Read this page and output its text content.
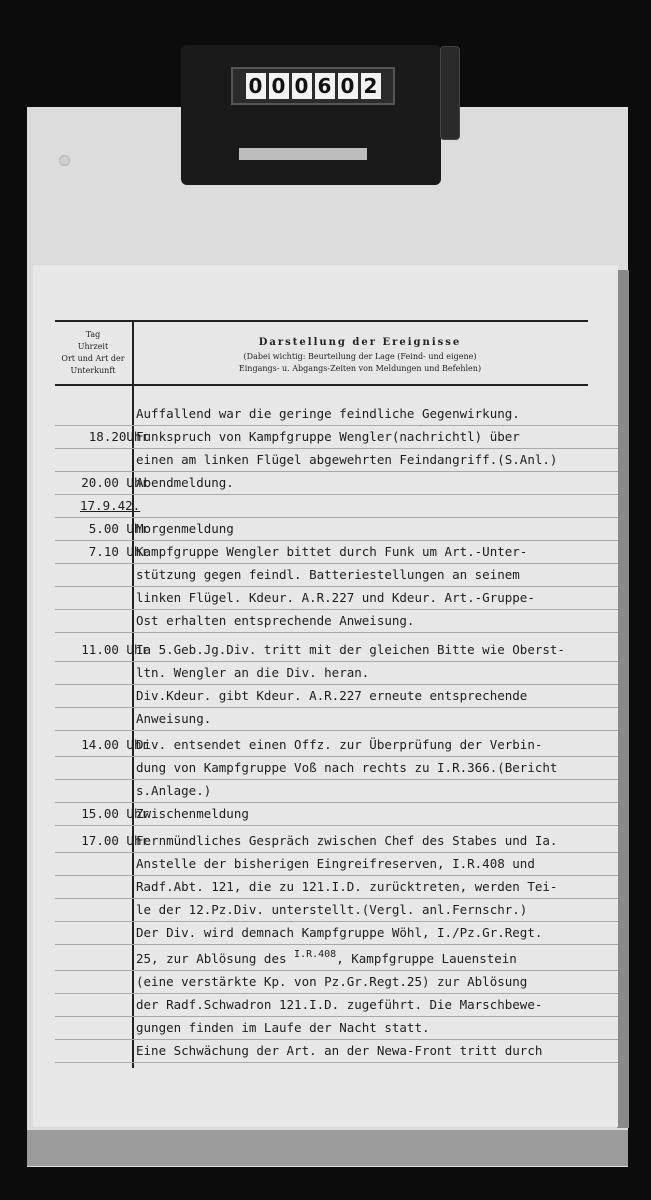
0 0 0 6 0 2
Tag
Uhrzeit
Ort und Art der Unterkunft
Darstellung der Ereignisse
(Dabei wichtig: Beurteilung der Lage (Feind- und eigene)
Eingangs- u. Abgangs-Zeiten von Meldungen und Befehlen)
Auffallend war die geringe feindliche Gegenwirkung.
18.20Uhr
Funkspruch von Kampfgruppe Wengler(nachrichtl) über
einen am linken Flügel abgewehrten Feindangriff.(S.Anl.)
20.00 Uhr
Abendmeldung.
17.9.42.
5.00 Uhr
Morgenmeldung
7.10 Uhr
Kampfgruppe Wengler bittet durch Funk um Art.-Unter-
stützung gegen feindl. Batteriestellungen an seinem
linken Flügel. Kdeur. A.R.227 und Kdeur. Art.-Gruppe-
Ost erhalten entsprechende Anweisung.
11.00 Uhr
Ia 5.Geb.Jg.Div. tritt mit der gleichen Bitte wie Oberst-
ltn. Wengler an die Div. heran.
Div.Kdeur. gibt Kdeur. A.R.227 erneute entsprechende
Anweisung.
14.00 Uhr
Div. entsendet einen Offz. zur Überprüfung der Verbin-
dung von Kampfgruppe Voß nach rechts zu I.R.366.(Bericht
s.Anlage.)
15.00 Uhr
Zwischenmeldung
17.00 Uhr
Fernmündliches Gespräch zwischen Chef des Stabes und Ia.
Anstelle der bisherigen Eingreifreserven, I.R.408 und
Radf.Abt. 121, die zu 121.I.D. zurücktreten, werden Tei-
le der 12.Pz.Div. unterstellt.(Vergl. anl.Fernschr.)
Der Div. wird demnach Kampfgruppe Wöhl, I./Pz.Gr.Regt.
25, zur Ablösung des $^{I.R.408}$, Kampfgruppe Lauenstein
(eine verstärkte Kp. von Pz.Gr.Regt.25) zur Ablösung
der Radf.Schwadron 121.I.D. zugeführt. Die Marschbewe-
gungen finden im Laufe der Nacht statt.
Eine Schwächung der Art. an der Newa-Front tritt durch
